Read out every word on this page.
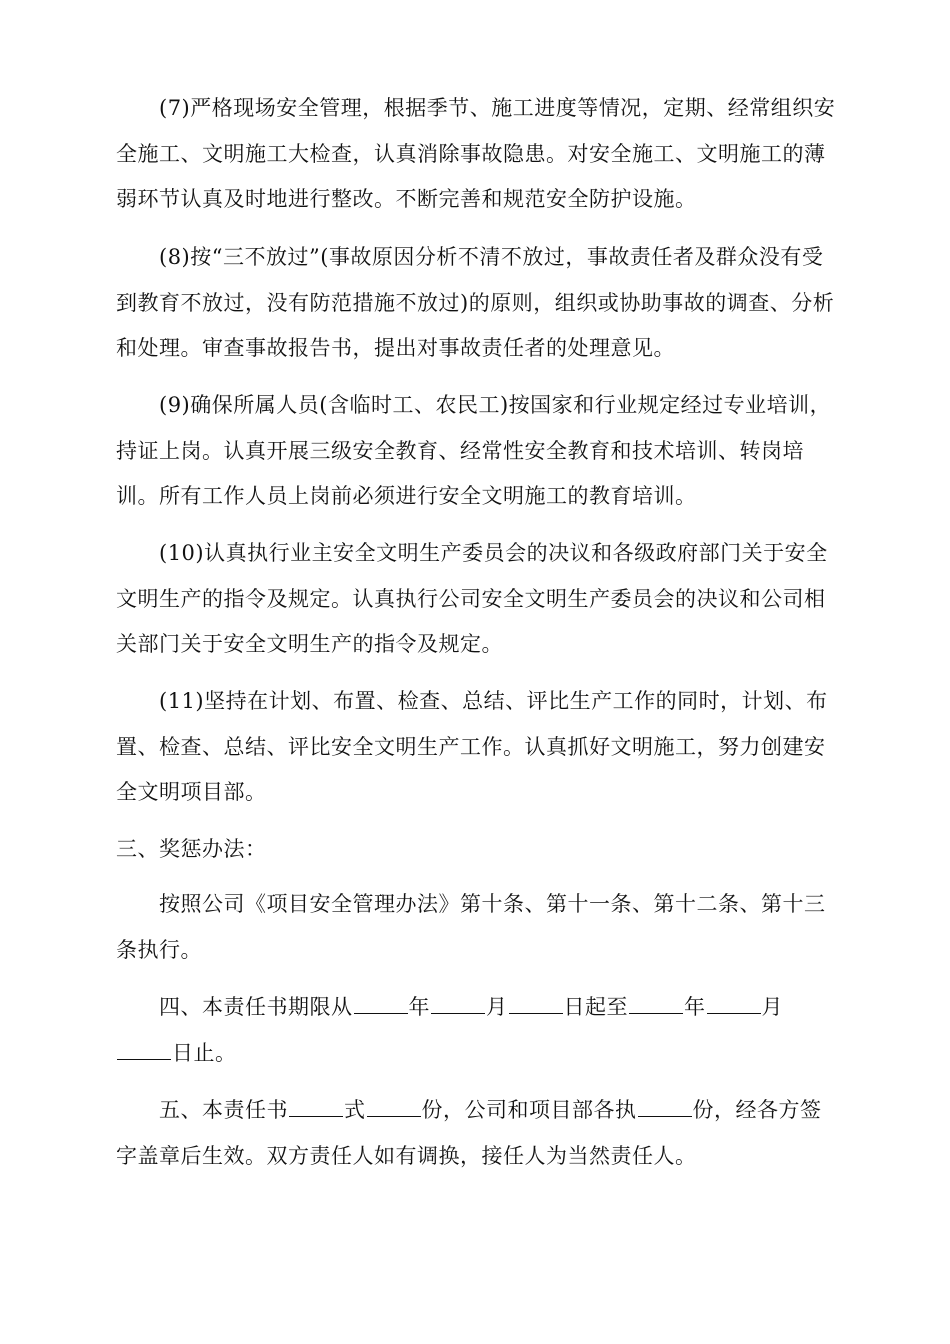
(7)严格现场安全管理，根据季节、施工进度等情况，定期、经常组织安全施工、文明施工大检查，认真消除事故隐患。对安全施工、文明施工的薄弱环节认真及时地进行整改。不断完善和规范安全防护设施。

(8)按“三不放过”(事故原因分析不清不放过，事故责任者及群众没有受到教育不放过，没有防范措施不放过)的原则，组织或协助事故的调查、分析和处理。审查事故报告书，提出对事故责任者的处理意见。

(9)确保所属人员(含临时工、农民工)按国家和行业规定经过专业培训，持证上岗。认真开展三级安全教育、经常性安全教育和技术培训、转岗培训。所有工作人员上岗前必须进行安全文明施工的教育培训。

(10)认真执行业主安全文明生产委员会的决议和各级政府部门关于安全文明生产的指令及规定。认真执行公司安全文明生产委员会的决议和公司相关部门关于安全文明生产的指令及规定。

(11)坚持在计划、布置、检查、总结、评比生产工作的同时，计划、布置、检查、总结、评比安全文明生产工作。认真抓好文明施工，努力创建安全文明项目部。

三、奖惩办法：

按照公司《项目安全管理办法》第十条、第十一条、第十二条、第十三条执行。

四、本责任书期限从	年	月	日起至	年	月日止。

五、本责任书	式	份，公司和项目部各执	份，经各方签字盖章后生效。双方责任人如有调换，接任人为当然责任人。
